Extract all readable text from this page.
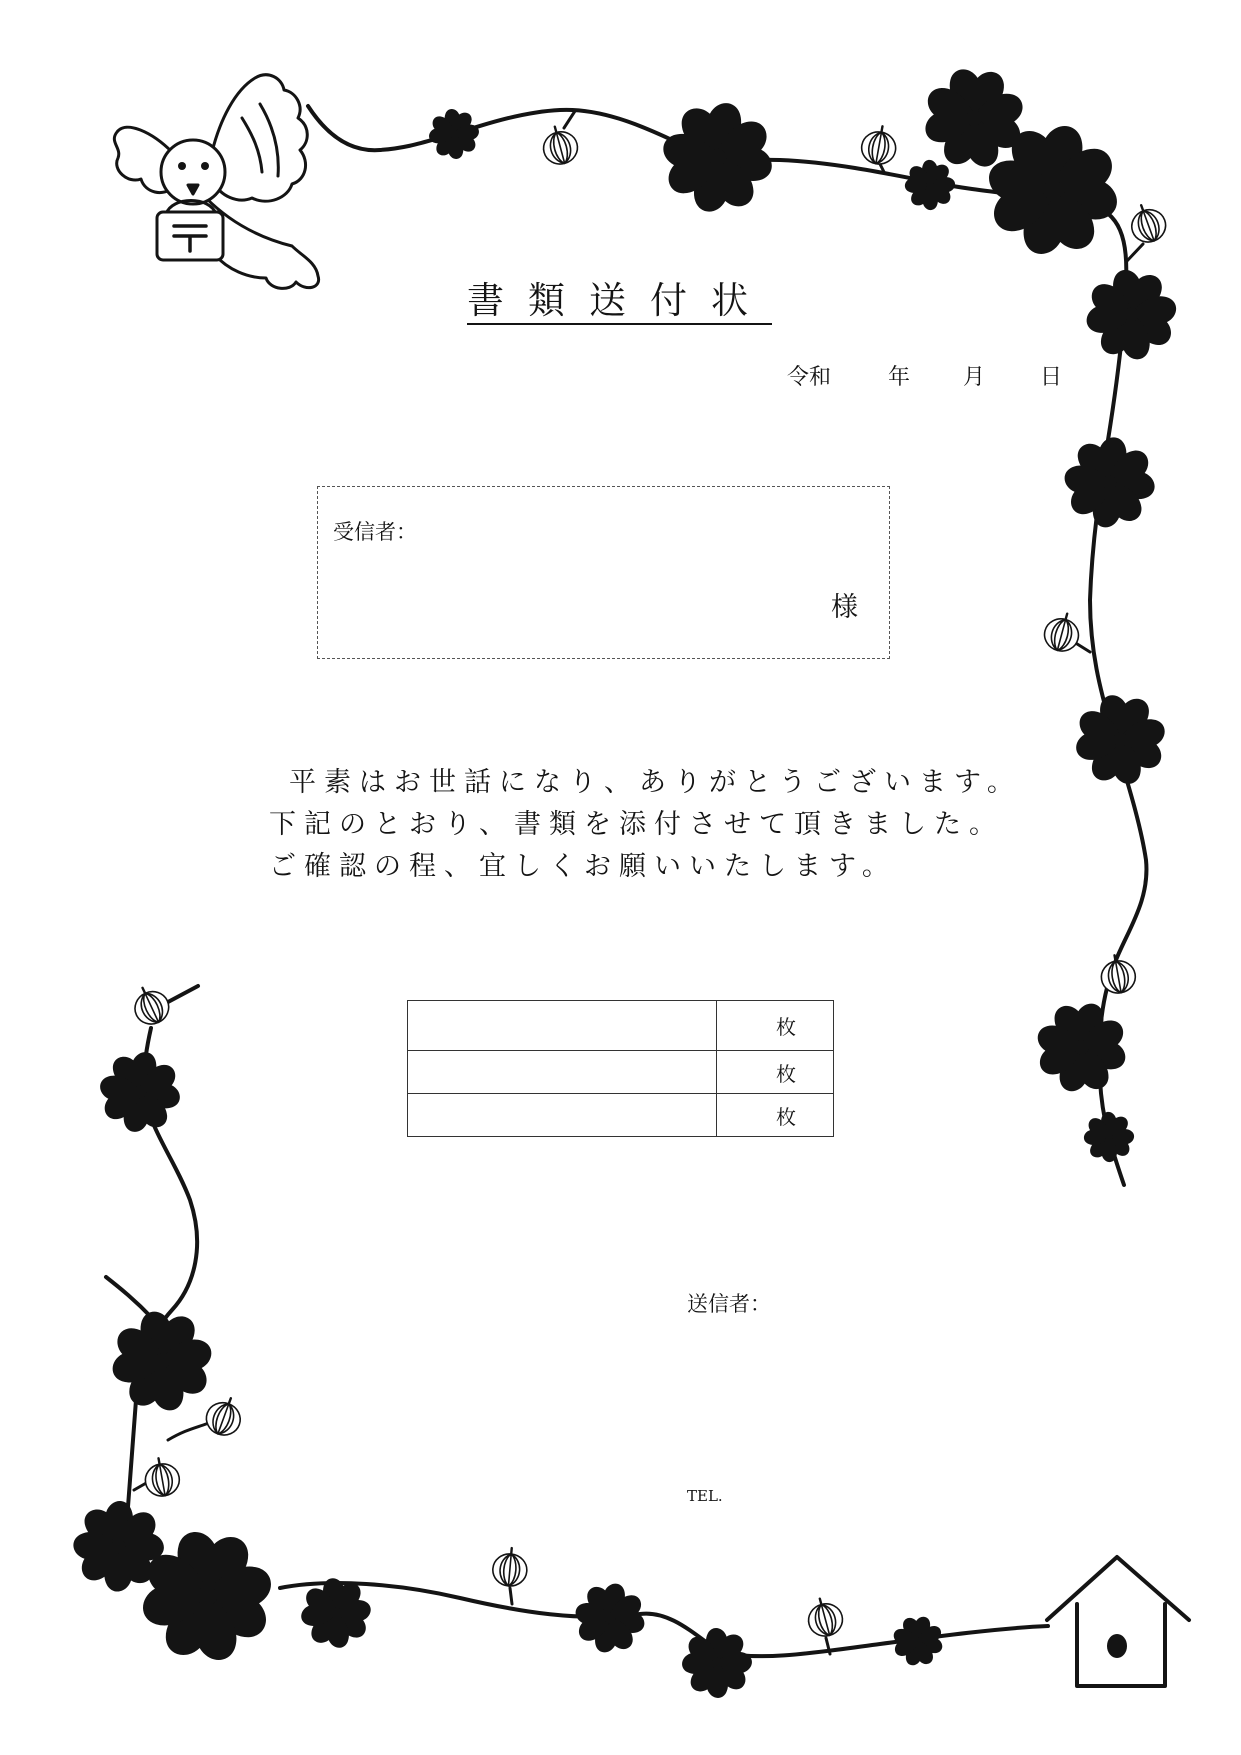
書類送付状
令和	年 月 日
受信者：
様
平素はお世話になり、ありがとうございます。
下記のとおり、書類を添付させて頂きました。
ご確認の程、宜しくお願いいたします。
	枚
	枚
	枚
送信者：
TEL.
